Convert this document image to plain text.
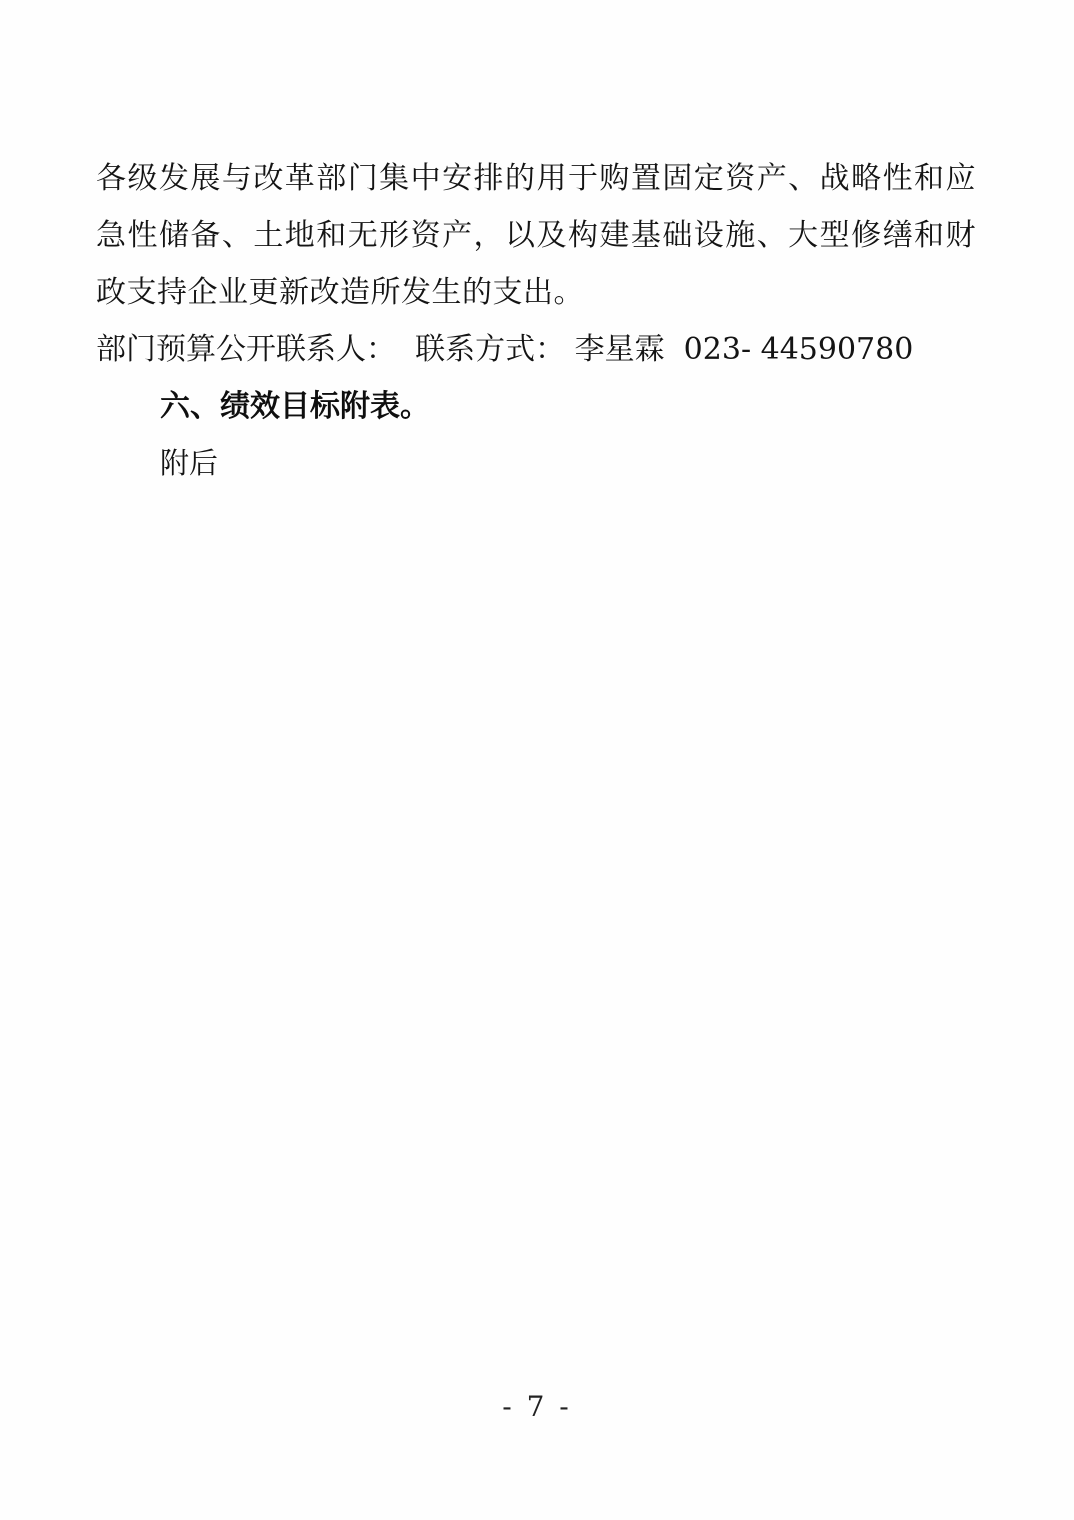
各级发展与改革部门集中安排的用于购置固定资产、战略性和应急性储备、土地和无形资产，以及构建基础设施、大型修缮和财政支持企业更新改造所发生的支出。

部门预算公开联系人：  联系方式： 李星霖  023- 44590780

六、绩效目标附表。

附后

- 7 -
